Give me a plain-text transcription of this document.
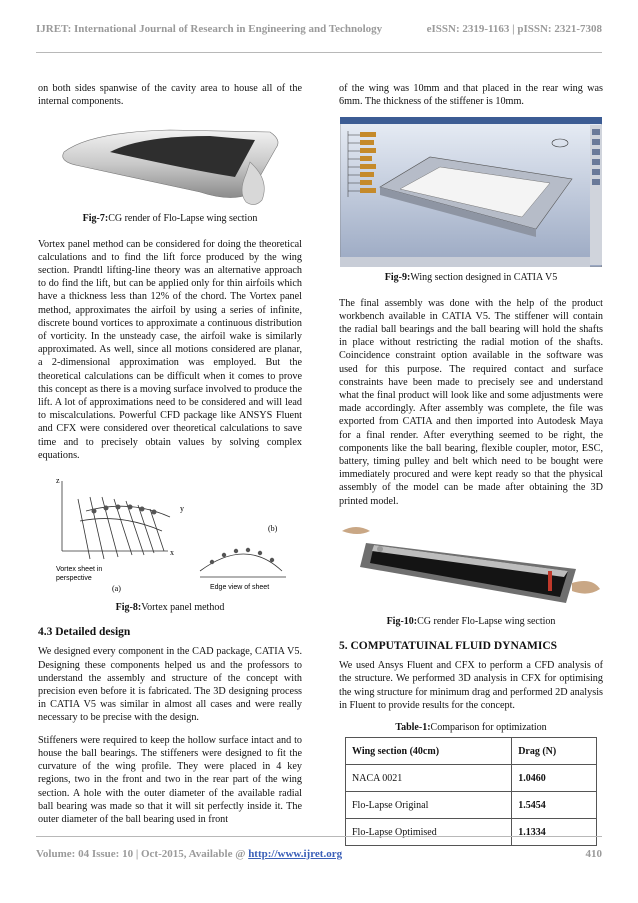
IJRET: International Journal of Research in Engineering and Technology	eISSN: 2319-1163 | pISSN: 2321-7308

on both sides spanwise of the cavity area to house all of the internal components.

Fig-7:CG render of Flo-Lapse wing section

Vortex panel method can be considered for doing the theoretical calculations and to find the lift force produced by the wing section. Prandtl lifting-line theory was an alternative approach to do find the lift, but can be applied only for thin airfoils which have a thickness less than 12% of the chord. The Vortex panel method, approximates the airfoil by using a series of infinite, discrete bound vortices to approximate a continuous distribution of vorticity. In the unsteady case, the airfoil wake is similarly approximated. As well, since all motions considered are planar, a 2-dimensional approximation was employed. But the theoretical calculations can be difficult when it comes to prove this concept as there is a moving surface involved to produce the lift. A lot of approximations need to be considered and will lead to miscalculations. Powerful CFD package like ANSYS Fluent and CFX were considered over theoretical calculations to save time and to precisely obtain values by solving complex equations.

z
x
y
Vortex sheet in
perspective
(a)	Edge view of sheet
(b)
Fig-8:Vortex panel method
4.3 Detailed design

We designed every component in the CAD package, CATIA V5. Designing these components helped us and the professors to understand the assembly and structure of the concept with precision even before it is fabricated. The 3D designing process in CATIA V5 was similar in almost all cases and were really necessary to be precise with the design.

Stiffeners were required to keep the hollow surface intact and to house the ball bearings. The stiffeners were designed to fit the curvature of the wing profile. They were placed in 4 key regions, two in the front and two in the rear part of the wing section. A hole with the outer diameter of the available radial ball bearing was made so that it will sit perfectly inside it. The outer diameter of the ball bearing used in front

of the wing was 10mm and that placed in the rear wing was 6mm. The thickness of the stiffener is 10mm.

Fig-9:Wing section designed in CATIA V5

The final assembly was done with the help of the product workbench available in CATIA V5. The stiffener will contain the radial ball bearings and the ball bearing will hold the shafts in place without restricting the radial motion of the shafts. Coincidence constraint option available in the software was used for this purpose. The required contact and surface constraints have been made to precisely see and understand what the final product will look like and some adjustments were made accordingly. After assembly was complete, the file was exported from CATIA and then imported into Autodesk Maya for a final render. After everything seemed to be right, the components like the ball bearing, flexible coupler, motor, ESC, battery, timing pulley and belt which need to be bought were immediately procured and were kept ready so that the physical assembly of the model can be made after obtaining the 3D printed model.

Fig-10:CG render Flo-Lapse wing section
5. COMPUTATUINAL FLUID DYNAMICS

We used Ansys Fluent and CFX to perform a CFD analysis of the structure. We performed 3D analysis in CFX for optimising the wing structure for minimum drag and performed 2D analysis in Fluent to provide results for the concept.

Table-1:Comparison for optimization
Wing section (40cm)	Drag (N)
NACA 0021	1.0460
Flo-Lapse Original	1.5454
Flo-Lapse Optimised	1.1334
Volume: 04 Issue: 10 | Oct-2015, Available @ http://www.ijret.org	410
